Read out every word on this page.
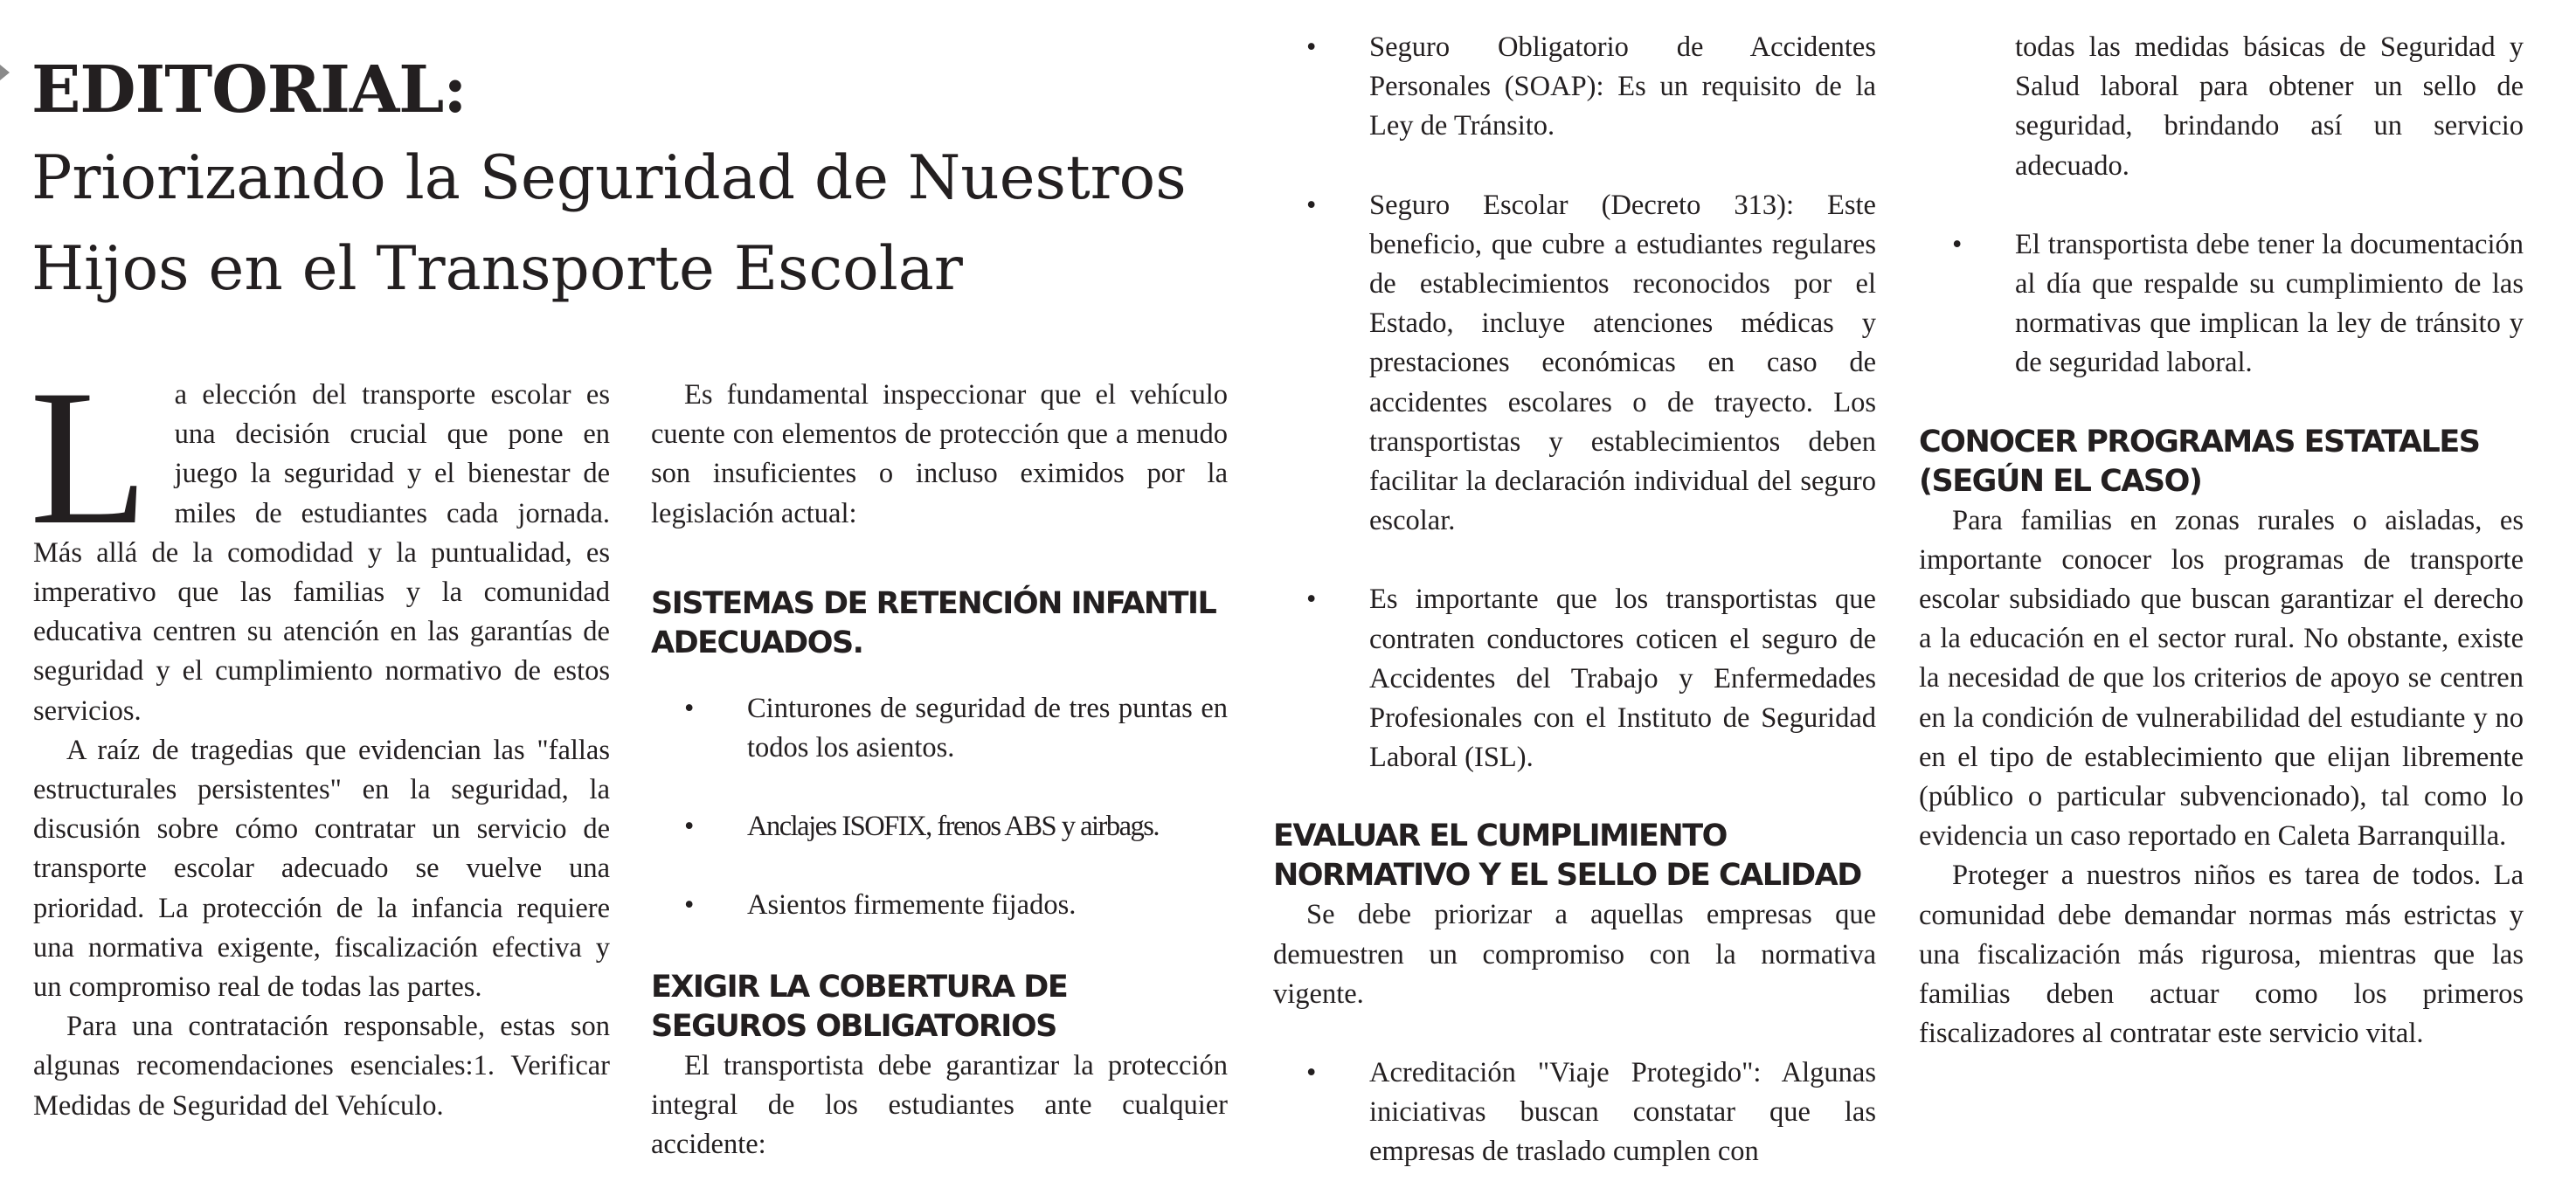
EDITORIAL:
Priorizando la Seguridad de Nuestros
Hijos en el Transporte Escolar

La elección del transporte escolar es una decisión crucial que pone en juego la seguridad y el bienestar de miles de estudiantes cada jornada. Más allá de la comodidad y la puntualidad, es imperativo que las familias y la comunidad educativa centren su atención en las garantías de seguridad y el cumplimiento normativo de estos servicios.

A raíz de tragedias que evidencian las "fallas estructurales persistentes" en la seguridad, la discusión sobre cómo contratar un servicio de transporte escolar adecuado se vuelve una prioridad. La protección de la infancia requiere una normativa exigente, fiscalización efectiva y un compromiso real de todas las partes.

Para una contratación responsable, estas son algunas recomendaciones esenciales:1. Verificar Medidas de Seguridad del Vehículo.

Es fundamental inspeccionar que el vehículo cuente con elementos de protección que a menudo son insuficientes o incluso eximidos por la legislación actual:

SISTEMAS DE RETENCIÓN INFANTIL ADECUADOS.
• Cinturones de seguridad de tres puntas en todos los asientos.
• Anclajes ISOFIX, frenos ABS y airbags.
• Asientos firmemente fijados.
EXIGIR LA COBERTURA DE SEGUROS OBLIGATORIOS

El transportista debe garantizar la protección integral de los estudiantes ante cualquier accidente:

• Seguro Obligatorio de Accidentes Personales (SOAP): Es un requisito de la Ley de Tránsito.
• Seguro Escolar (Decreto 313): Este beneficio, que cubre a estudiantes regulares de establecimientos reconocidos por el Estado, incluye atenciones médicas y prestaciones económicas en caso de accidentes escolares o de trayecto. Los transportistas y establecimientos deben facilitar la declaración individual del seguro escolar.
• Es importante que los transportistas que contraten conductores coticen el seguro de Accidentes del Trabajo y Enfermedades Profesionales con el Instituto de Seguridad Laboral (ISL).
EVALUAR EL CUMPLIMIENTO NORMATIVO Y EL SELLO DE CALIDAD

Se debe priorizar a aquellas empresas que demuestren un compromiso con la normativa vigente.

• Acreditación "Viaje Protegido": Algunas iniciativas buscan constatar que las empresas de traslado cumplen con
todas las medidas básicas de Seguridad y Salud laboral para obtener un sello de seguridad, brindando así un servicio adecuado.
• El transportista debe tener la documentación al día que respalde su cumplimiento de las normativas que implican la ley de tránsito y de seguridad laboral.
CONOCER PROGRAMAS ESTATALES (SEGÚN EL CASO)

Para familias en zonas rurales o aisladas, es importante conocer los programas de transporte escolar subsidiado que buscan garantizar el derecho a la educación en el sector rural. No obstante, existe la necesidad de que los criterios de apoyo se centren en la condición de vulnerabilidad del estudiante y no en el tipo de establecimiento que elijan libremente (público o particular subvencionado), tal como lo evidencia un caso reportado en Caleta Barranquilla.

Proteger a nuestros niños es tarea de todos. La comunidad debe demandar normas más estrictas y una fiscalización más rigurosa, mientras que las familias deben actuar como los primeros fiscalizadores al contratar este servicio vital.
